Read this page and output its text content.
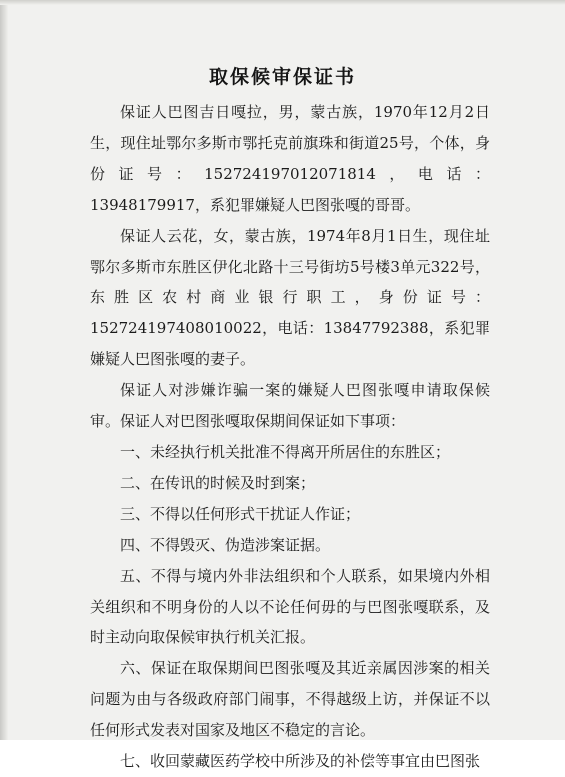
取保候审保证书

保证人巴图吉日嘎拉，男，蒙古族，1970年12月2日生，现住址鄂尔多斯市鄂托克前旗珠和街道25号，个体，身份证号：152724197012071814，电话：13948179917，系犯罪嫌疑人巴图张嘎的哥哥。

保证人云花，女，蒙古族，1974年8月1日生，现住址鄂尔多斯市东胜区伊化北路十三号街坊5号楼3单元322号，东胜区农村商业银行职工，身份证号：152724197408010022，电话：13847792388，系犯罪嫌疑人巴图张嘎的妻子。

保证人对涉嫌诈骗一案的嫌疑人巴图张嘎申请取保候审。保证人对巴图张嘎取保期间保证如下事项：

一、未经执行机关批准不得离开所居住的东胜区；

二、在传讯的时候及时到案；

三、不得以任何形式干扰证人作证；

四、不得毁灭、伪造涉案证据。

五、不得与境内外非法组织和个人联系，如果境内外相关组织和不明身份的人以不论任何毋的与巴图张嘎联系，及时主动向取保候审执行机关汇报。

六、保证在取保期间巴图张嘎及其近亲属因涉案的相关问题为由与各级政府部门闹事，不得越级上访，并保证不以任何形式发表对国家及地区不稳定的言论。

七、收回蒙藏医药学校中所涉及的补偿等事宜由巴图张
